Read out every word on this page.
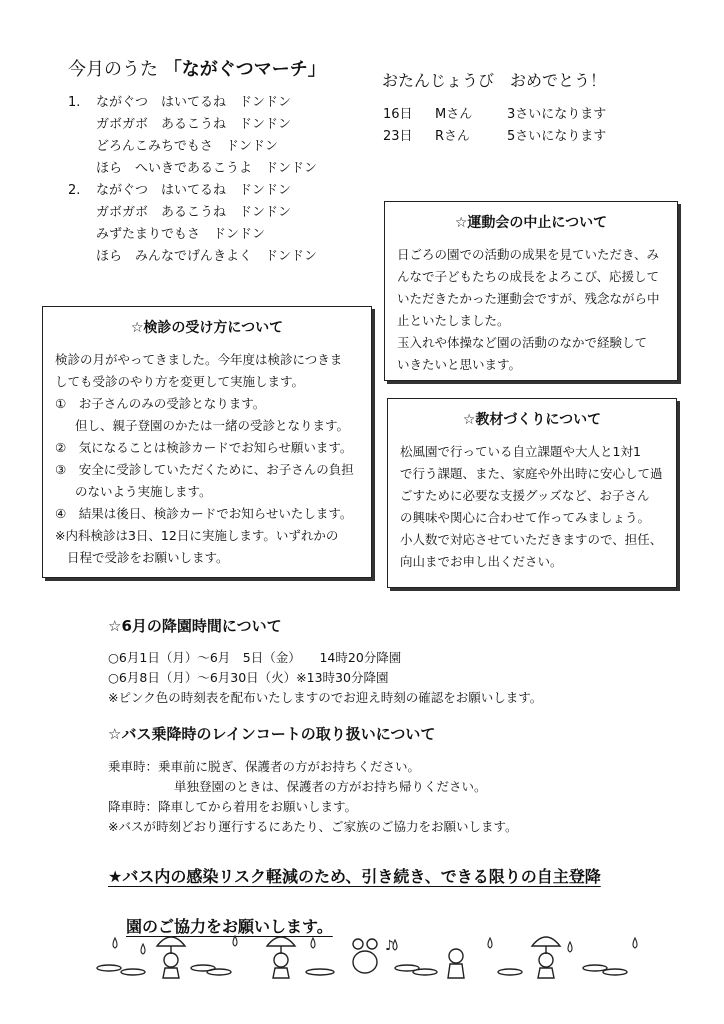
今月のうた 「ながぐつマーチ」
1. ながぐつ　はいてるね　ドンドン
ガボガボ　あるこうね　ドンドン
どろんこみちでもさ　ドンドン
ほら　へいきであるこうよ　ドンドン
2. ながぐつ　はいてるね　ドンドン
ガボガボ　あるこうね　ドンドン
みずたまりでもさ　ドンドン
ほら　みんなでげんきよく　ドンドン
おたんじょうび　おめでとう！
16日 Mさん	3さいになります
23日 Rさん	5さいになります
☆運動会の中止について

日ごろの園での活動の成果を見ていただき、み

んなで子どもたちの成長をよろこび、応援して

いただきたかった運動会ですが、残念ながら中

止といたしました。

玉入れや体操など園の活動のなかで経験して

いきたいと思います。

☆検診の受け方について
検診の月がやってきました。今年度は検診につきま
しても受診のやり方を変更して実施します。
①　お子さんのみの受診となります。
但し、親子登園のかたは一緒の受診となります。
②　気になることは検診カードでお知らせ願います。
③　安全に受診していただくために、お子さんの負担
のないよう実施します。
④　結果は後日、検診カードでお知らせいたします。
※内科検診は3日、12日に実施します。いずれかの
日程で受診をお願いします。
☆教材づくりについて

松風園で行っている自立課題や大人と1対1

で行う課題、また、家庭や外出時に安心して過

ごすために必要な支援グッズなど、お子さん

の興味や関心に合わせて作ってみましょう。

小人数で対応させていただきますので、担任、

向山までお申し出ください。

☆6月の降園時間について
○6月1日（月）～6月　5日（金）　　14時20分降園
○6月8日（月）～6月30日（火）※13時30分降園
※ピンク色の時刻表を配布いたしますのでお迎え時刻の確認をお願いします。
☆バス乗降時のレインコートの取り扱いについて
乗車時：乗車前に脱ぎ、保護者の方がお持ちください。
単独登園のときは、保護者の方がお持ち帰りください。
降車時：降車してから着用をお願いします。
※バスが時刻どおり運行するにあたり、ご家族のご協力をお願いします。
★バス内の感染リスク軽減のため、引き続き、できる限りの自主登降
園のご協力をお願いします。
♪
